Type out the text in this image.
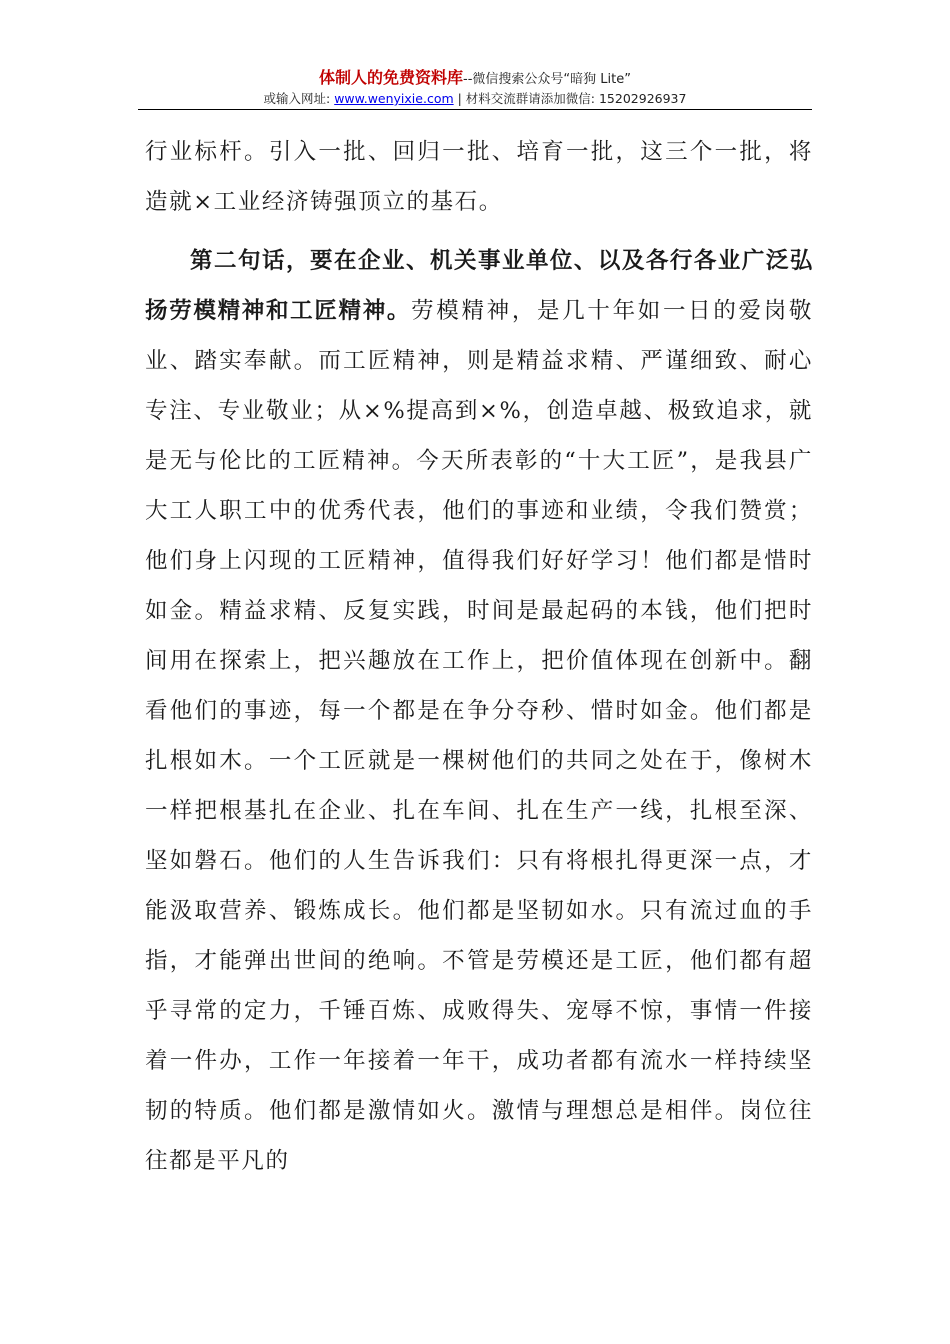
体制人的免费资料库--微信搜索公众号“暗狗 Lite”
或输入网址: www.wenyixie.com | 材料交流群请添加微信: 15202926937

行业标杆。引入一批、回归一批、培育一批，这三个一批，将造就×工业经济铸强顶立的基石。

第二句话，要在企业、机关事业单位、以及各行各业广泛弘扬劳模精神和工匠精神。劳模精神，是几十年如一日的爱岗敬业、踏实奉献。而工匠精神，则是精益求精、严谨细致、耐心专注、专业敬业；从×%提高到×%，创造卓越、极致追求，就是无与伦比的工匠精神。今天所表彰的“十大工匠”，是我县广大工人职工中的优秀代表，他们的事迹和业绩，令我们赞赏；他们身上闪现的工匠精神，值得我们好好学习！他们都是惜时如金。精益求精、反复实践，时间是最起码的本钱，他们把时间用在探索上，把兴趣放在工作上，把价值体现在创新中。翻看他们的事迹，每一个都是在争分夺秒、惜时如金。他们都是扎根如木。一个工匠就是一棵树他们的共同之处在于，像树木一样把根基扎在企业、扎在车间、扎在生产一线，扎根至深、坚如磐石。他们的人生告诉我们：只有将根扎得更深一点，才能汲取营养、锻炼成长。他们都是坚韧如水。只有流过血的手指，才能弹出世间的绝响。不管是劳模还是工匠，他们都有超乎寻常的定力，千锤百炼、成败得失、宠辱不惊，事情一件接着一件办，工作一年接着一年干，成功者都有流水一样持续坚韧的特质。他们都是激情如火。激情与理想总是相伴。岗位往往都是平凡的
